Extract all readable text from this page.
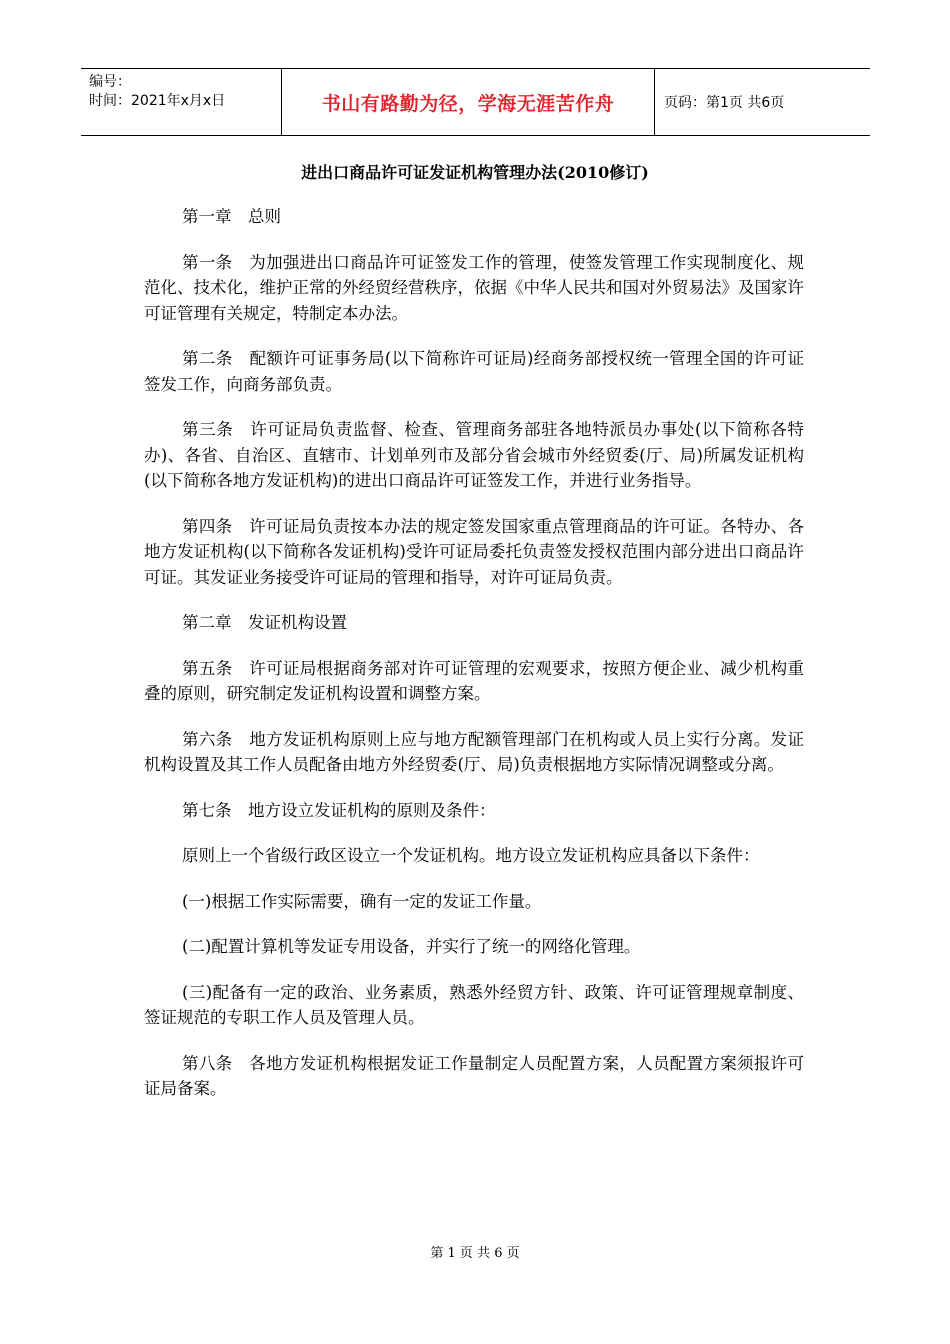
编号：
时间：2021年x月x日	书山有路勤为径，学海无涯苦作舟	页码：第1页 共6页
进出口商品许可证发证机构管理办法(2010修订)

第一章　总则

第一条　为加强进出口商品许可证签发工作的管理，使签发管理工作实现制度化、规范化、技术化，维护正常的外经贸经营秩序，依据《中华人民共和国对外贸易法》及国家许可证管理有关规定，特制定本办法。

第二条　配额许可证事务局(以下简称许可证局)经商务部授权统一管理全国的许可证签发工作，向商务部负责。

第三条　许可证局负责监督、检查、管理商务部驻各地特派员办事处(以下简称各特办)、各省、自治区、直辖市、计划单列市及部分省会城市外经贸委(厅、局)所属发证机构(以下简称各地方发证机构)的进出口商品许可证签发工作，并进行业务指导。

第四条　许可证局负责按本办法的规定签发国家重点管理商品的许可证。各特办、各地方发证机构(以下简称各发证机构)受许可证局委托负责签发授权范围内部分进出口商品许可证。其发证业务接受许可证局的管理和指导，对许可证局负责。

第二章　发证机构设置

第五条　许可证局根据商务部对许可证管理的宏观要求，按照方便企业、减少机构重叠的原则，研究制定发证机构设置和调整方案。

第六条　地方发证机构原则上应与地方配额管理部门在机构或人员上实行分离。发证机构设置及其工作人员配备由地方外经贸委(厅、局)负责根据地方实际情况调整或分离。

第七条　地方设立发证机构的原则及条件：

原则上一个省级行政区设立一个发证机构。地方设立发证机构应具备以下条件：

(一)根据工作实际需要，确有一定的发证工作量。

(二)配置计算机等发证专用设备，并实行了统一的网络化管理。

(三)配备有一定的政治、业务素质，熟悉外经贸方针、政策、许可证管理规章制度、签证规范的专职工作人员及管理人员。

第八条　各地方发证机构根据发证工作量制定人员配置方案，人员配置方案须报许可证局备案。

第 1 页 共 6 页
